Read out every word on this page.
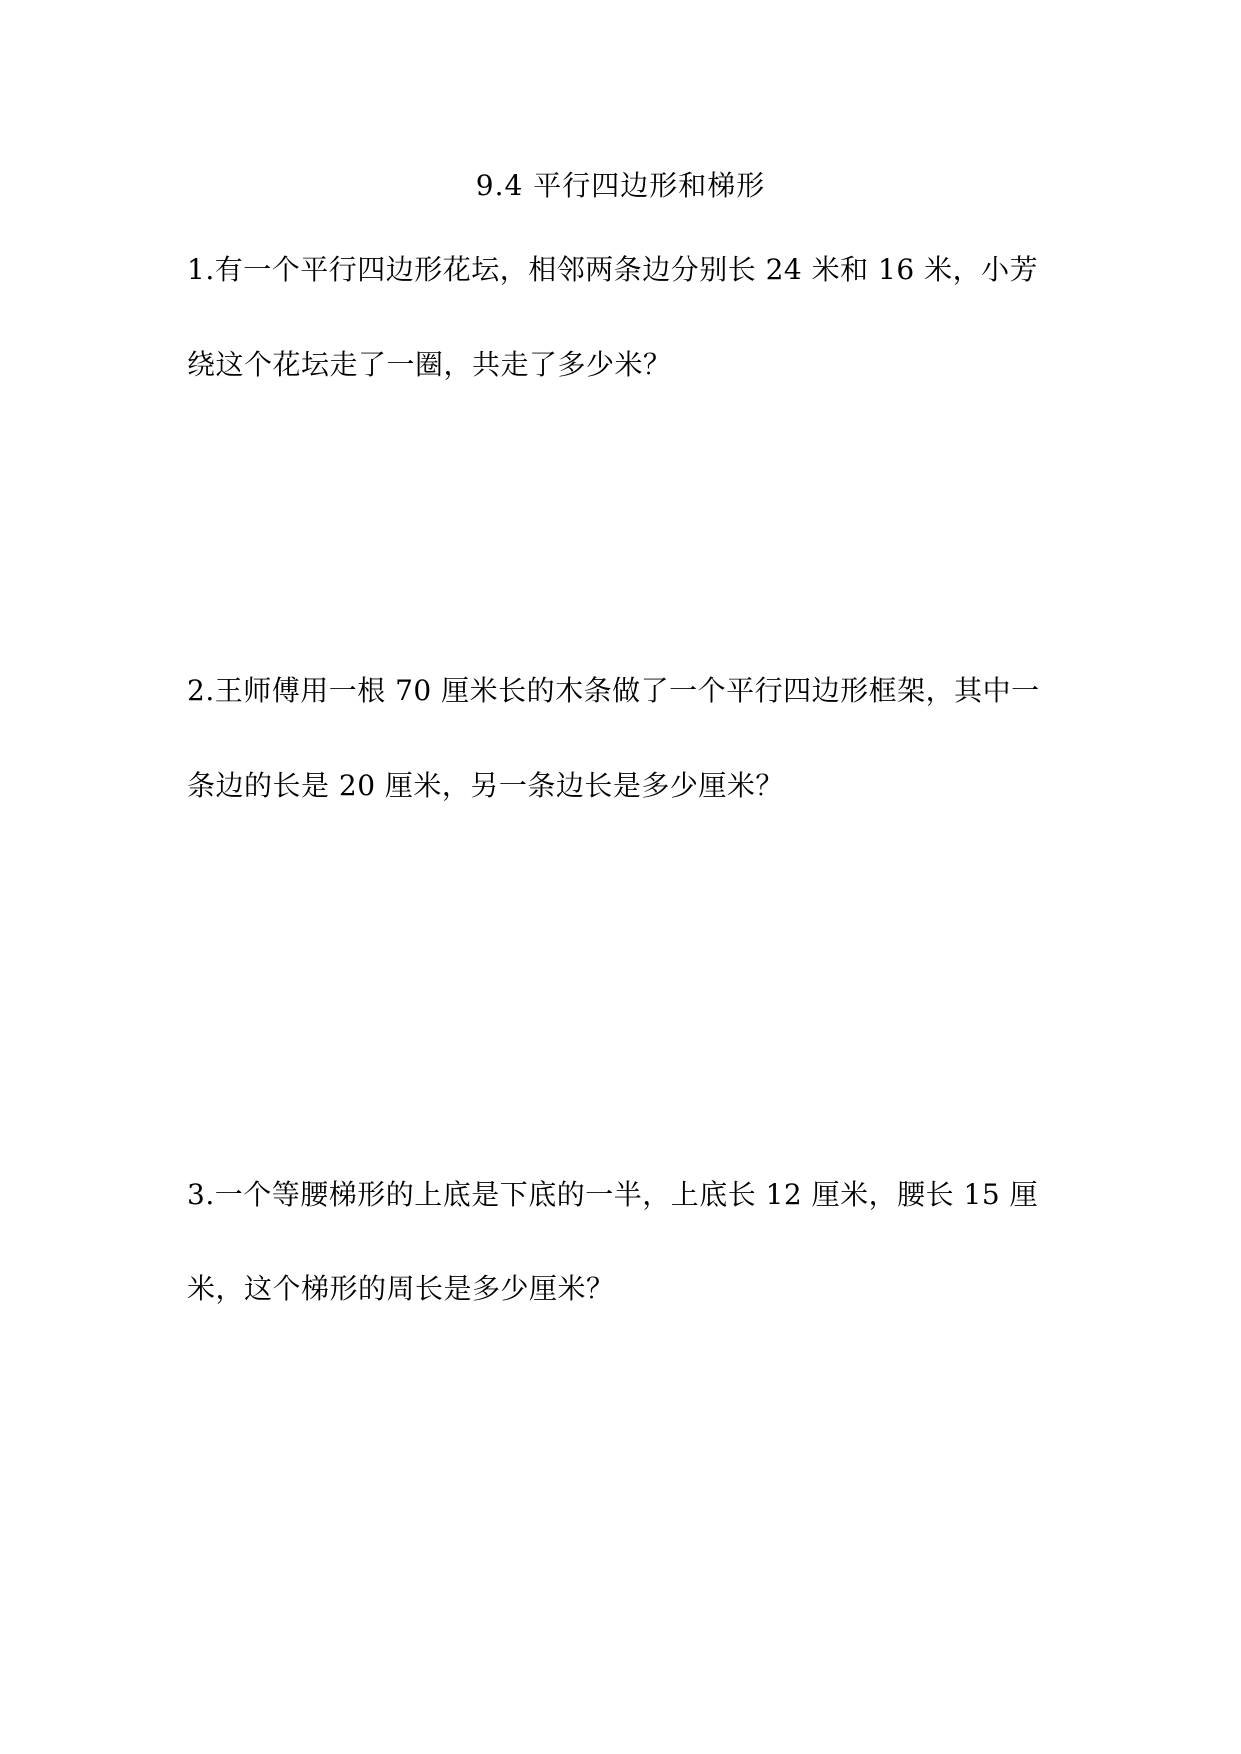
9.4 平行四边形和梯形
1.有一个平行四边形花坛，相邻两条边分别长 24 米和 16 米，小芳
绕这个花坛走了一圈，共走了多少米？
2.王师傅用一根 70 厘米长的木条做了一个平行四边形框架，其中一
条边的长是 20 厘米，另一条边长是多少厘米？
3.一个等腰梯形的上底是下底的一半，上底长 12 厘米，腰长 15 厘
米，这个梯形的周长是多少厘米？
